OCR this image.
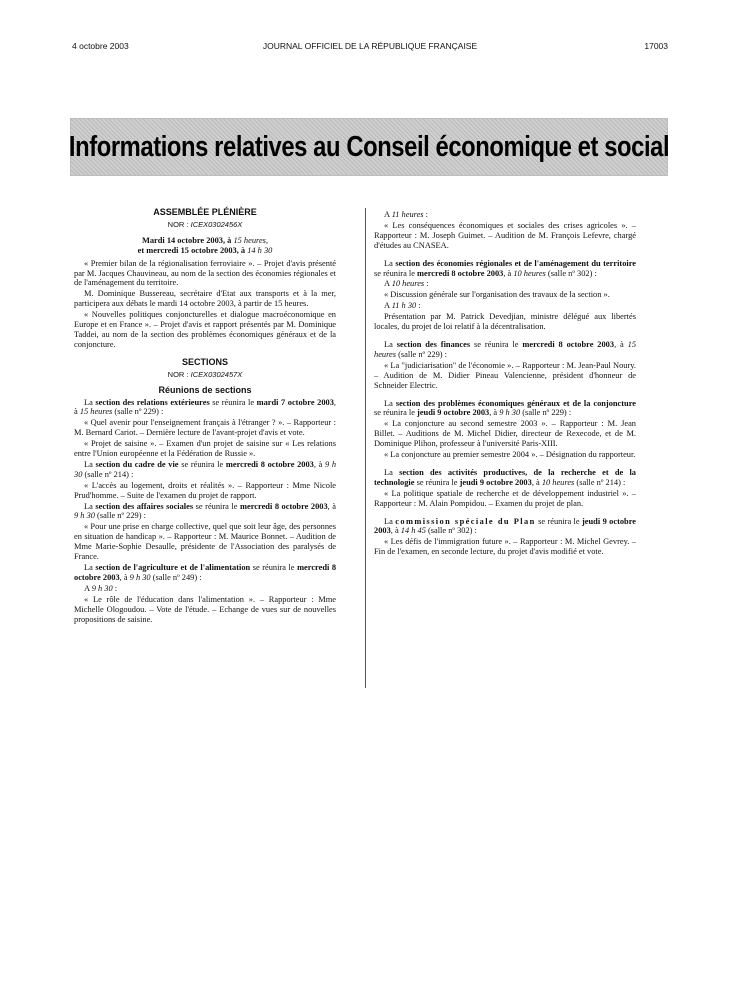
4 octobre 2003	JOURNAL OFFICIEL DE LA RÉPUBLIQUE FRANÇAISE	17003
Informations relatives au Conseil économique et social
ASSEMBLÉE PLÉNIÈRE
NOR : ICEX0302456X
Mardi 14 octobre 2003, à 15 heures,
et mercredi 15 octobre 2003, à 14 h 30

« Premier bilan de la régionalisation ferroviaire ». – Projet d'avis présenté par M. Jacques Chauvineau, au nom de la section des économies régionales et de l'aménagement du territoire.

M. Dominique Bussereau, secrétaire d'Etat aux transports et à la mer, participera aux débats le mardi 14 octobre 2003, à partir de 15 heures.

« Nouvelles politiques conjoncturelles et dialogue macroéconomique en Europe et en France ». – Projet d'avis et rapport présentés par M. Dominique Taddei, au nom de la section des problèmes économiques généraux et de la conjoncture.

SECTIONS
NOR : ICEX0302457X
Réunions de sections

La section des relations extérieures se réunira le mardi 7 octobre 2003, à 15 heures (salle nº 229) :

« Quel avenir pour l'enseignement français à l'étranger ? ». – Rapporteur : M. Bernard Cariot. – Dernière lecture de l'avant-projet d'avis et vote.

« Projet de saisine ». – Examen d'un projet de saisine sur « Les relations entre l'Union européenne et la Fédération de Russie ».

La section du cadre de vie se réunira le mercredi 8 octobre 2003, à 9 h 30 (salle nº 214) :

« L'accès au logement, droits et réalités ». – Rapporteur : Mme Nicole Prud'homme. – Suite de l'examen du projet de rapport.

La section des affaires sociales se réunira le mercredi 8 octobre 2003, à 9 h 30 (salle nº 229) :

« Pour une prise en charge collective, quel que soit leur âge, des personnes en situation de handicap ». – Rapporteur : M. Maurice Bonnet. – Audition de Mme Marie-Sophie Desaulle, présidente de l'Association des paralysés de France.

La section de l'agriculture et de l'alimentation se réunira le mercredi 8 octobre 2003, à 9 h 30 (salle nº 249) :

A 9 h 30 :

« Le rôle de l'éducation dans l'alimentation ». – Rapporteur : Mme Michelle Ologoudou. – Vote de l'étude. – Echange de vues sur de nouvelles propositions de saisine.

A 11 heures :

« Les conséquences économiques et sociales des crises agricoles ». – Rapporteur : M. Joseph Guimet. – Audition de M. François Lefevre, chargé d'études au CNASEA.

La section des économies régionales et de l'aménagement du territoire se réunira le mercredi 8 octobre 2003, à 10 heures (salle nº 302) :

A 10 heures :

« Discussion générale sur l'organisation des travaux de la section ».

A 11 h 30 :

Présentation par M. Patrick Devedjian, ministre délégué aux libertés locales, du projet de loi relatif à la décentralisation.

La section des finances se réunira le mercredi 8 octobre 2003, à 15 heures (salle nº 229) :

« La "judiciarisation" de l'économie ». – Rapporteur : M. Jean-Paul Noury. – Audition de M. Didier Pineau Valencienne, président d'honneur de Schneider Electric.

La section des problèmes économiques généraux et de la conjoncture se réunira le jeudi 9 octobre 2003, à 9 h 30 (salle nº 229) :

« La conjoncture au second semestre 2003 ». – Rapporteur : M. Jean Billet. – Auditions de M. Michel Didier, directeur de Rexecode, et de M. Dominique Plihon, professeur à l'université Paris-XIII.

« La conjoncture au premier semestre 2004 ». – Désignation du rapporteur.

La section des activités productives, de la recherche et de la technologie se réunira le jeudi 9 octobre 2003, à 10 heures (salle nº 214) :

« La politique spatiale de recherche et de développement industriel ». – Rapporteur : M. Alain Pompidou. – Examen du projet de plan.

La commission spéciale du Plan se réunira le jeudi 9 octobre 2003, à 14 h 45 (salle nº 302) :

« Les défis de l'immigration future ». – Rapporteur : M. Michel Gevrey. – Fin de l'examen, en seconde lecture, du projet d'avis modifié et vote.
